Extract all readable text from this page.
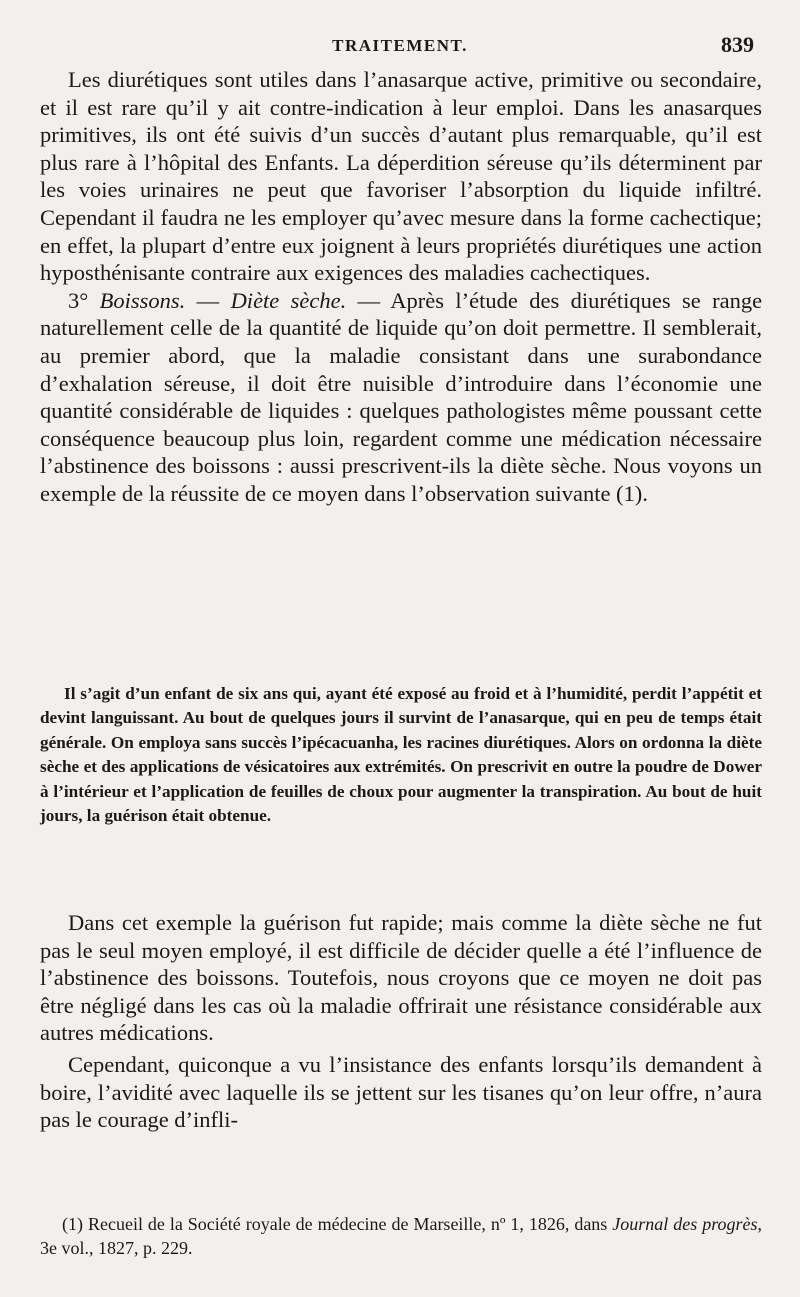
TRAITEMENT.	839

Les diurétiques sont utiles dans l’anasarque active, primitive ou secondaire, et il est rare qu’il y ait contre-indication à leur emploi. Dans les anasarques primitives, ils ont été suivis d’un succès d’autant plus remarquable, qu’il est plus rare à l’hôpital des Enfants. La déperdition séreuse qu’ils déterminent par les voies urinaires ne peut que favoriser l’absorption du liquide infiltré. Cependant il faudra ne les employer qu’avec mesure dans la forme cachectique; en effet, la plupart d’entre eux joignent à leurs propriétés diurétiques une action hyposthénisante contraire aux exigences des maladies cachectiques.

3° Boissons. — Diète sèche. — Après l’étude des diurétiques se range naturellement celle de la quantité de liquide qu’on doit permettre. Il semblerait, au premier abord, que la maladie consistant dans une surabondance d’exhalation séreuse, il doit être nuisible d’introduire dans l’économie une quantité considérable de liquides : quelques pathologistes même poussant cette conséquence beaucoup plus loin, regardent comme une médication nécessaire l’abstinence des boissons : aussi prescrivent-ils la diète sèche. Nous voyons un exemple de la réussite de ce moyen dans l’observation suivante (1).

Il s’agit d’un enfant de six ans qui, ayant été exposé au froid et à l’humidité, perdit l’appétit et devint languissant. Au bout de quelques jours il survint de l’anasarque, qui en peu de temps était générale. On employa sans succès l’ipécacuanha, les racines diurétiques. Alors on ordonna la diète sèche et des applications de vésicatoires aux extrémités. On prescrivit en outre la poudre de Dower à l’intérieur et l’application de feuilles de choux pour augmenter la transpiration. Au bout de huit jours, la guérison était obtenue.

Dans cet exemple la guérison fut rapide; mais comme la diète sèche ne fut pas le seul moyen employé, il est difficile de décider quelle a été l’influence de l’abstinence des boissons. Toutefois, nous croyons que ce moyen ne doit pas être négligé dans les cas où la maladie offrirait une résistance considérable aux autres médications.

Cependant, quiconque a vu l’insistance des enfants lorsqu’ils demandent à boire, l’avidité avec laquelle ils se jettent sur les tisanes qu’on leur offre, n’aura pas le courage d’infli-

(1) Recueil de la Société royale de médecine de Marseille, nº 1, 1826, dans Journal des progrès, 3e vol., 1827, p. 229.
